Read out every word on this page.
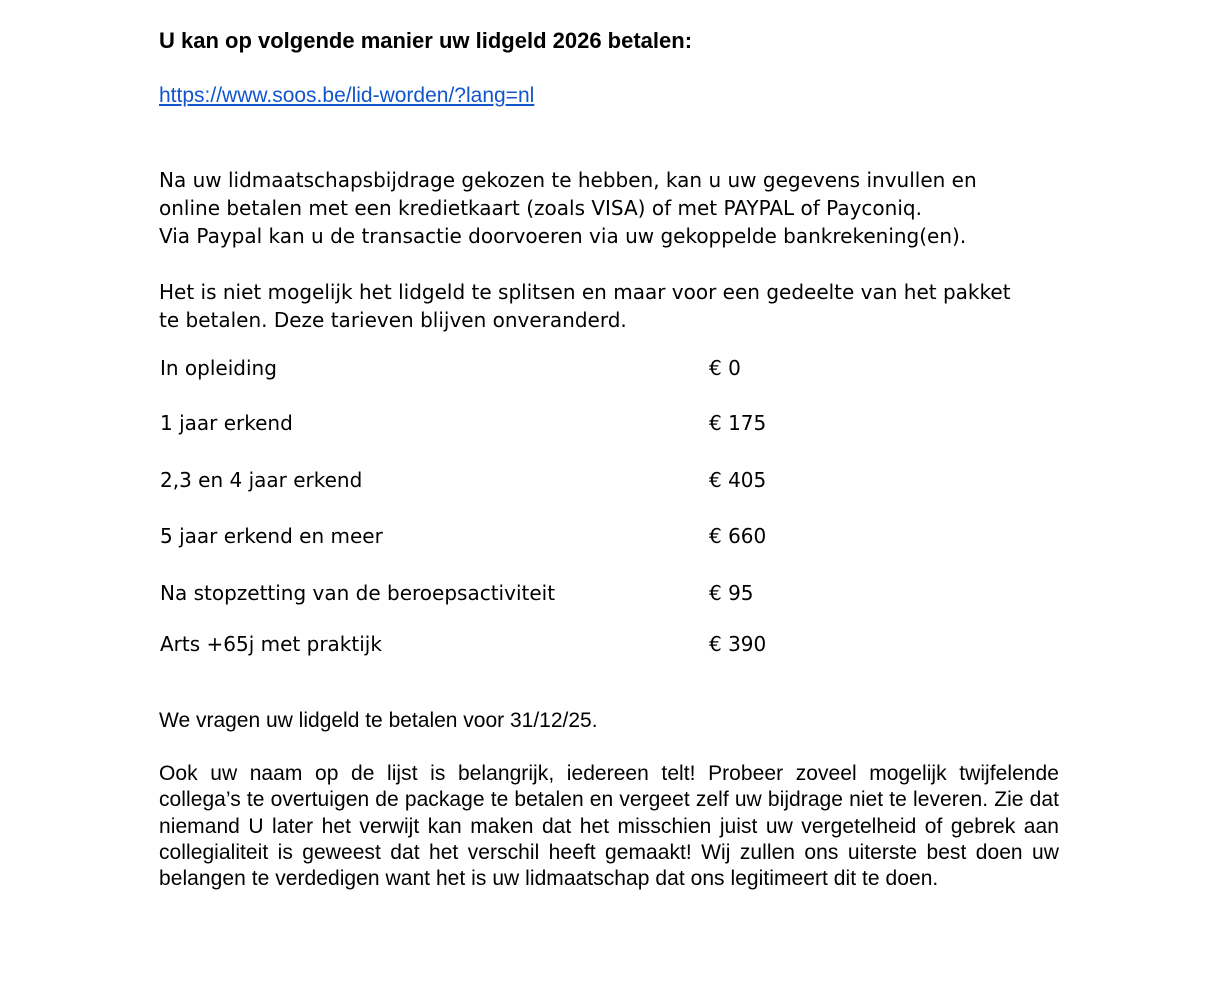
U kan op volgende manier uw lidgeld 2026 betalen:
https://www.soos.be/lid-worden/?lang=nl
Na uw lidmaatschapsbijdrage gekozen te hebben, kan u uw gegevens invullen en
online betalen met een kredietkaart (zoals VISA) of met PAYPAL of Payconiq.
Via Paypal kan u de transactie doorvoeren via uw gekoppelde bankrekening(en).
Het is niet mogelijk het lidgeld te splitsen en maar voor een gedeelte van het pakket
te betalen. Deze tarieven blijven onveranderd.
In opleiding	€ 0
1 jaar erkend	€ 175
2,3 en 4 jaar erkend	€ 405
5 jaar erkend en meer	€ 660
Na stopzetting van de beroepsactiviteit	€ 95
Arts +65j met praktijk	€ 390
We vragen uw lidgeld te betalen voor 31/12/25.
Ook uw naam op de lijst is belangrijk, iedereen telt! Probeer zoveel mogelijk twijfelende collega’s te overtuigen de package te betalen en vergeet zelf uw bijdrage niet te leveren. Zie dat niemand U later het verwijt kan maken dat het misschien juist uw vergetelheid of gebrek aan collegialiteit is geweest dat het verschil heeft gemaakt! Wij zullen ons uiterste best doen uw belangen te verdedigen want het is uw lidmaatschap dat ons legitimeert dit te doen.
